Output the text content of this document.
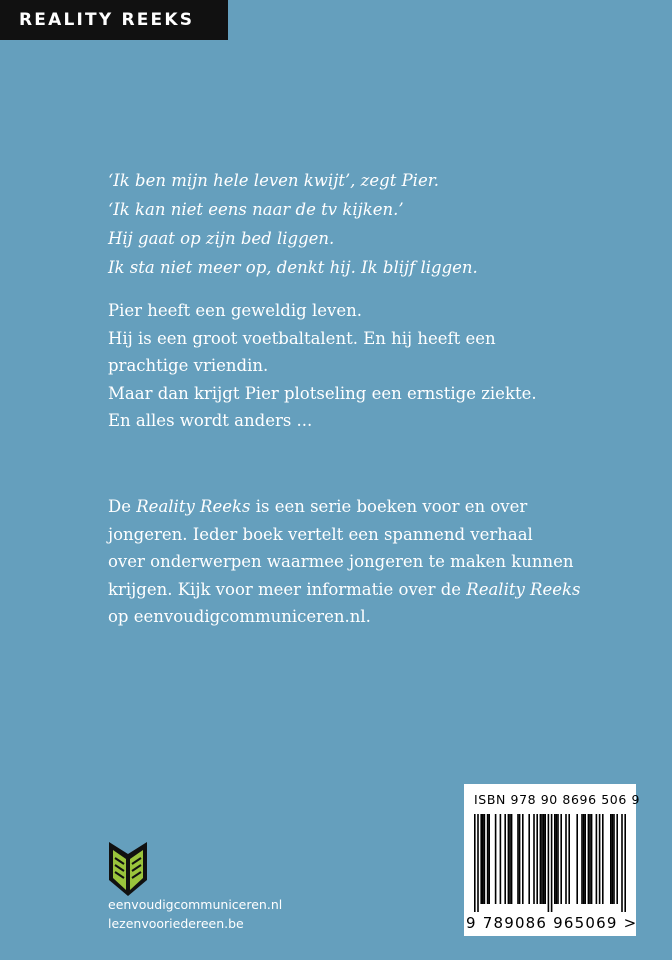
REALITY REEKS
‘Ik ben mijn hele leven kwijt’, zegt Pier.
‘Ik kan niet eens naar de tv kijken.’
Hij gaat op zijn bed liggen.
Ik sta niet meer op, denkt hij. Ik blijf liggen.
Pier heeft een geweldig leven.
Hij is een groot voetbaltalent. En hij heeft een
prachtige vriendin.
Maar dan krijgt Pier plotseling een ernstige ziekte.
En alles wordt anders ...
De Reality Reeks is een serie boeken voor en over
jongeren. Ieder boek vertelt een spannend verhaal
over onderwerpen waarmee jongeren te maken kunnen
krijgen. Kijk voor meer informatie over de Reality Reeks
op eenvoudigcommuniceren.nl.
eenvoudigcommuniceren.nl
lezenvooriedereen.be
ISBN 978 90 8696 506 9
9 789086 965069 >
